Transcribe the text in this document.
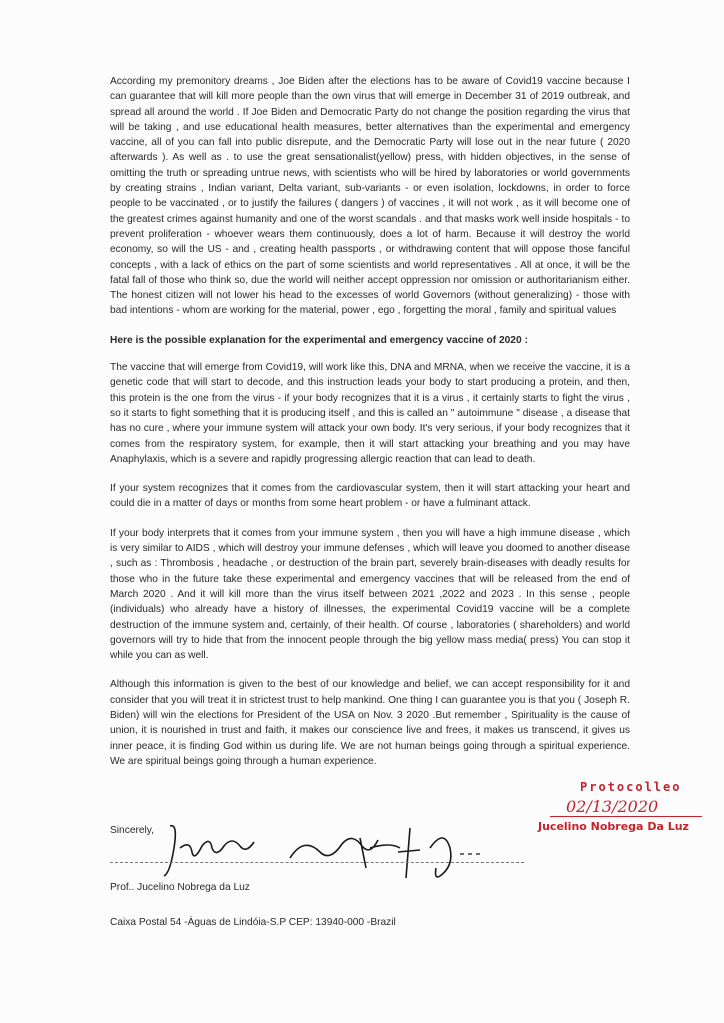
According my premonitory dreams , Joe Biden after the elections has to be aware of Covid19 vaccine because I can guarantee that will kill more people than the own virus that will emerge in December 31 of 2019 outbreak, and spread all around the world . If Joe Biden and Democratic Party do not change the position regarding the virus that will be taking , and use educational health measures, better alternatives than the experimental and emergency vaccine, all of you can fall into public disrepute, and the Democratic Party will lose out in the near future ( 2020 afterwards ). As well as . to use the great sensationalist(yellow) press, with hidden objectives, in the sense of omitting the truth or spreading untrue news, with scientists who will be hired by laboratories or world governments by creating strains , Indian variant, Delta variant, sub-variants - or even isolation, lockdowns, in order to force people to be vaccinated , or to justify the failures ( dangers ) of vaccines , it will not work , as it will become one of the greatest crimes against humanity and one of the worst scandals . and that masks work well inside hospitals - to prevent proliferation - whoever wears them continuously, does a lot of harm. Because it will destroy the world economy, so will the US - and , creating health passports , or withdrawing content that will oppose those fanciful concepts , with a lack of ethics on the part of some scientists and world representatives . All at once, it will be the fatal fall of those who think so, due the world will neither accept oppression nor omission or authoritarianism either. The honest citizen will not lower his head to the excesses of world Governors (without generalizing) - those with bad intentions - whom are working for the material, power , ego , forgetting the moral , family and spiritual values

Here is the possible explanation for the experimental and emergency vaccine of 2020 :

The vaccine that will emerge from Covid19, will work like this, DNA and MRNA, when we receive the vaccine, it is a genetic code that will start to decode, and this instruction leads your body to start producing a protein, and then, this protein is the one from the virus - if your body recognizes that it is a virus , it certainly starts to fight the virus , so it starts to fight something that it is producing itself , and this is called an " autoimmune " disease , a disease that has no cure , where your immune system will attack your own body. It's very serious, if your body recognizes that it comes from the respiratory system, for example, then it will start attacking your breathing and you may have Anaphylaxis, which is a severe and rapidly progressing allergic reaction that can lead to death.

If your system recognizes that it comes from the cardiovascular system, then it will start attacking your heart and could die in a matter of days or months from some heart problem - or have a fulminant attack.

If your body interprets that it comes from your immune system , then you will have a high immune disease , which is very similar to AIDS , which will destroy your immune defenses , which will leave you doomed to another disease , such as : Thrombosis , headache , or destruction of the brain part, severely brain-diseases with deadly results for those who in the future take these experimental and emergency vaccines that will be released from the end of March 2020 . And it will kill more than the virus itself between 2021 ,2022 and 2023 . In this sense , people (individuals) who already have a history of illnesses, the experimental Covid19 vaccine will be a complete destruction of the immune system and, certainly, of their health. Of course , laboratories ( shareholders) and world governors will try to hide that from the innocent people through the big yellow mass media( press) You can stop it while you can as well.

Although this information is given to the best of our knowledge and belief, we can accept responsibility for it and consider that you will treat it in strictest trust to help mankind. One thing I can guarantee you is that you ( Joseph R. Biden) will win the elections for President of the USA on Nov. 3 2020 .But remember , Spirituality is the cause of union, it is nourished in trust and faith, it makes our conscience live and frees, it makes us transcend, it gives us inner peace, it is finding God within us during life. We are not human beings going through a spiritual experience. We are spiritual beings going through a human experience.

Sincerely,
Prof.. Jucelino Nobrega da Luz
Caixa Postal 54 -Águas de Lindóia-S.P CEP: 13940-000 -Brazil
Protocolleo
02/13/2020
Jucelino Nobrega Da Luz
